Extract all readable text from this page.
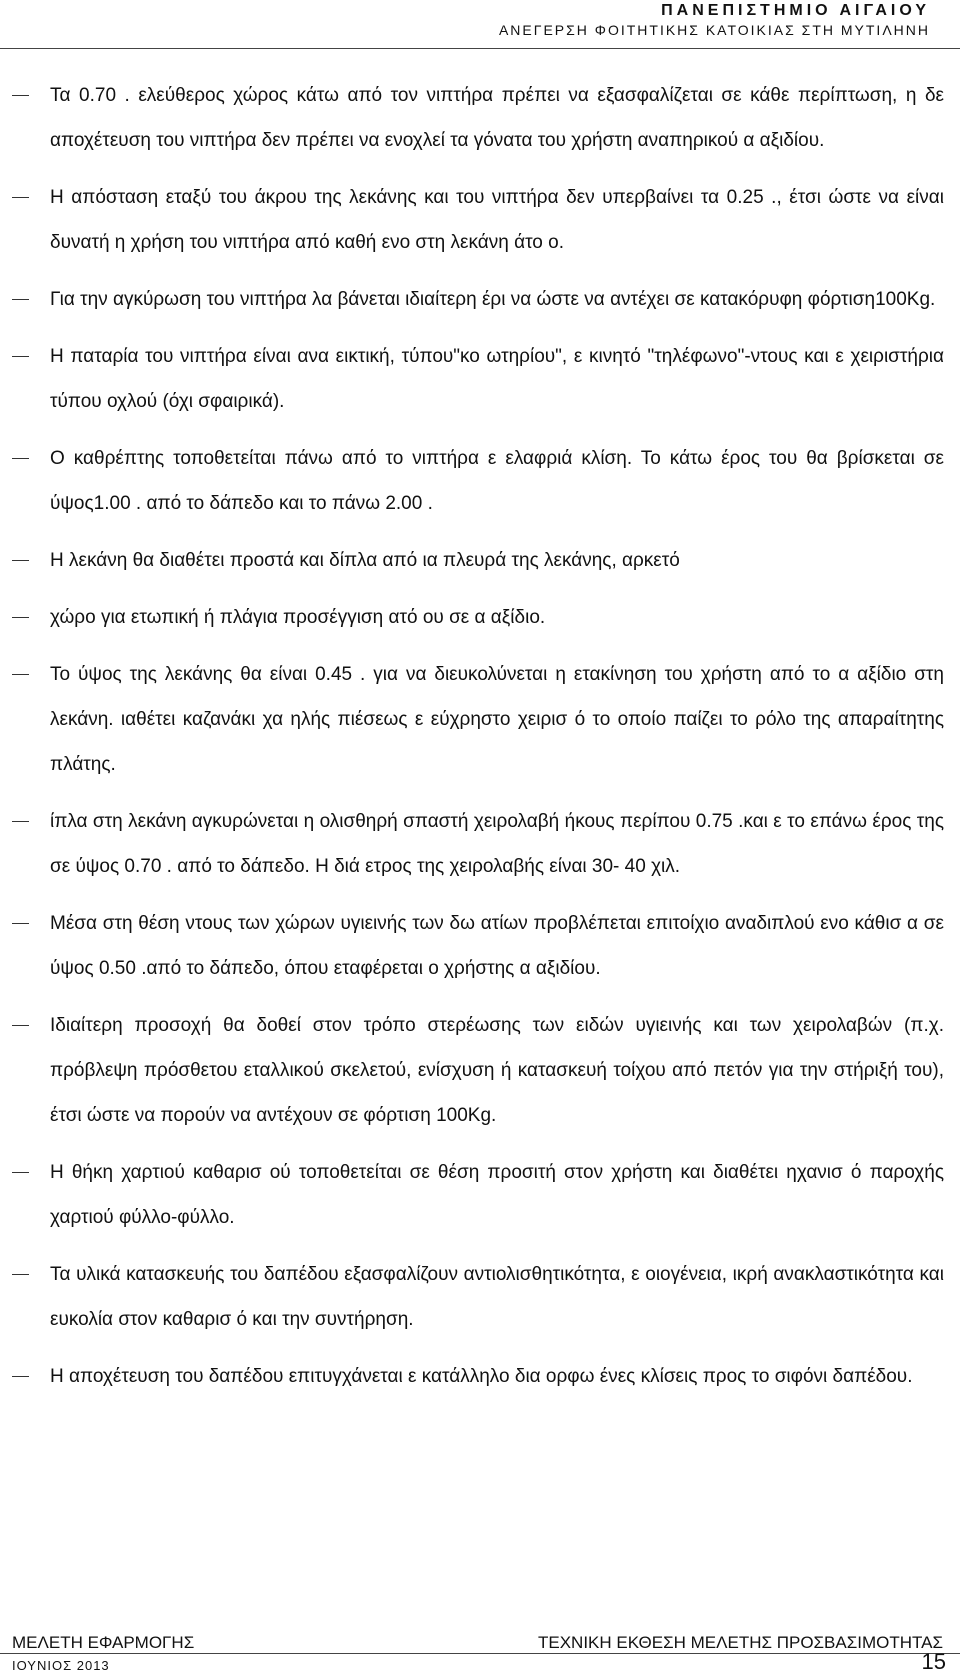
ΠΑΝΕΠΙΣΤΗΜΙΟ ΑΙΓΑΙΟΥ
ΑΝΕΓΕΡΣΗ ΦΟΙΤΗΤΙΚΗΣ ΚΑΤΟΙΚΙΑΣ ΣΤΗ ΜΥΤΙΛΗΝΗ
Τα 0.70 . ελεύθερος χώρος κάτω από τον νιπτήρα πρέπει να εξασφαλίζεται σε κάθε περίπτωση, η δε αποχέτευση του νιπτήρα δεν πρέπει να ενοχλεί τα γόνατα του χρήστη αναπηρικού α αξιδίου.
Η απόσταση εταξύ του άκρου της λεκάνης και του νιπτήρα δεν υπερβαίνει τα 0.25 ., έτσι ώστε να είναι δυνατή η χρήση του νιπτήρα από καθή ενο στη λεκάνη άτο ο.
Για την αγκύρωση του νιπτήρα λα βάνεται ιδιαίτερη έρι να ώστε να αντέχει σε κατακόρυφη φόρτιση100Kg.
Η παταρία του νιπτήρα είναι ανα εικτική, τύπου"κο ωτηρίου", ε κινητό "τηλέφωνο"-ντους και ε χειριστήρια τύπου οχλού (όχι σφαιρικά).
Ο καθρέπτης τοποθετείται πάνω από το νιπτήρα ε ελαφριά κλίση. Το κάτω έρος του θα βρίσκεται σε ύψος1.00 . από το δάπεδο και το πάνω 2.00 .
Η λεκάνη θα διαθέτει προστά και δίπλα από ια πλευρά της λεκάνης, αρκετό
χώρο για ετωπική ή πλάγια προσέγγιση ατό ου σε α αξίδιο.
Το ύψος της λεκάνης θα είναι 0.45 . για να διευκολύνεται η ετακίνηση του χρήστη από το α αξίδιο στη λεκάνη. ιαθέτει καζανάκι χα ηλής πιέσεως ε εύχρηστο χειρισ ό το οποίο παίζει το ρόλο της απαραίτητης πλάτης.
ίπλα στη λεκάνη αγκυρώνεται η ολισθηρή σπαστή χειρολαβή ήκους περίπου 0.75 .και ε το επάνω έρος της σε ύψος 0.70 . από το δάπεδο. Η διά ετρος της χειρολαβής είναι 30- 40 χιλ.
Μέσα στη θέση ντους των χώρων υγιεινής των δω ατίων προβλέπεται επιτοίχιο αναδιπλού ενο κάθισ α σε ύψος 0.50 .από το δάπεδο, όπου εταφέρεται ο χρήστης α αξιδίου.
Ιδιαίτερη προσοχή θα δοθεί στον τρόπο στερέωσης των ειδών υγιεινής και των χειρολαβών (π.χ. πρόβλεψη πρόσθετου εταλλικού σκελετού, ενίσχυση ή κατασκευή τοίχου από πετόν για την στήριξή του), έτσι ώστε να πορούν να αντέχουν σε φόρτιση 100Kg.
Η θήκη χαρτιού καθαρισ ού τοποθετείται σε θέση προσιτή στον χρήστη και διαθέτει ηχανισ ό παροχής χαρτιού φύλλο-φύλλο.
Τα υλικά κατασκευής του δαπέδου εξασφαλίζουν αντιολισθητικότητα, ε οιογένεια, ικρή ανακλαστικότητα και ευκολία στον καθαρισ ό και την συντήρηση.
Η αποχέτευση του δαπέδου επιτυγχάνεται ε κατάλληλο δια ορφω ένες κλίσεις προς το σιφόνι δαπέδου.
ΜΕΛΕΤΗ ΕΦΑΡΜΟΓΗΣ	ΤΕΧΝΙΚΗ ΕΚΘΕΣΗ ΜΕΛΕΤΗΣ ΠΡΟΣΒΑΣΙΜΟΤΗΤΑΣ
ΙΟΥΝΙΟΣ 2013	15
